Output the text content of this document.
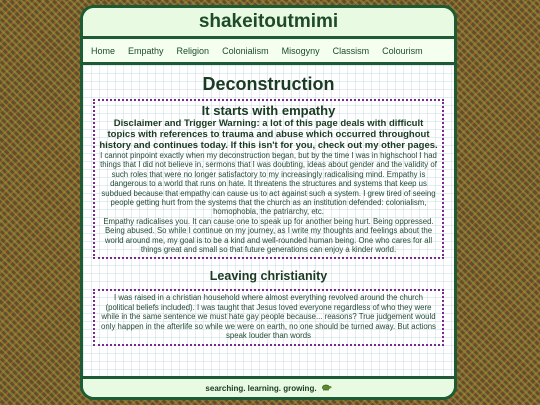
shakeitoutmimi
Home Empathy Religion Colonialism Misogyny Classism Colourism
Deconstruction
It starts with empathy
Disclaimer and Trigger Warning: a lot of this page deals with difficult topics with references to trauma and abuse which occurred throughout history and continues today. If this isn't for you, check out my other pages.

I cannot pinpoint exactly when my deconstruction began, but by the time I was in highschool I had things that I did not believe in, sermons that I was doubting, ideas about gender and the validity of such roles that were no longer satisfactory to my increasingly radicalising mind. Empathy is dangerous to a world that runs on hate. It threatens the structures and systems that keep us subdued because that empathy can cause us to act against such a system. I grew tired of seeing people getting hurt from the systems that the church as an institution defended: colonialism, homophobia, the patriarchy, etc.

Empathy radicalises you. It can cause one to speak up for another being hurt. Being oppressed. Being abused. So while I continue on my journey, as I write my thoughts and feelings about the world around me, my goal is to be a kind and well-rounded human being. One who cares for all things great and small so that future generations can enjoy a kinder world.

Leaving christianity

I was raised in a christian household where almost everything revolved around the church (political beliefs included). I was taught that Jesus loved everyone regardless of who they were while in the same sentence we must hate gay people because... reasons? True judgement would only happen in the afterlife so while we were on earth, no one should be turned away. But actions speak louder than words

searching. learning. growing.
